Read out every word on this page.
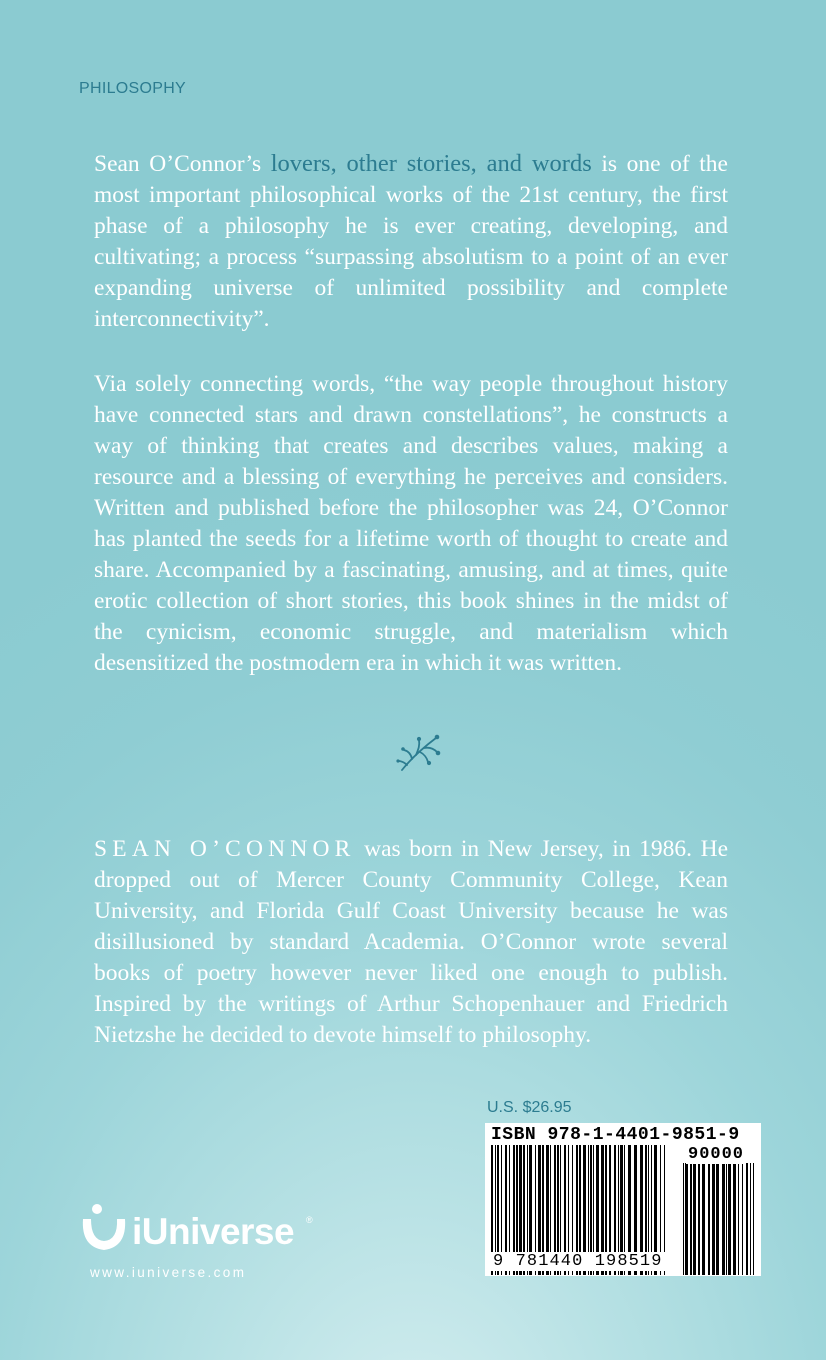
PHILOSOPHY

Sean O’Connor’s lovers, other stories, and words is one of the most important philosophical works of the 21st century, the first phase of a philosophy he is ever creating, developing, and cultivating; a process “surpassing absolutism to a point of an ever expanding universe of unlimited possibility and complete interconnectivity”.

Via solely connecting words, “the way people throughout history have connected stars and drawn constellations”, he constructs a way of thinking that creates and describes values, making a resource and a blessing of everything he perceives and considers. Written and published before the philosopher was 24, O’Connor has planted the seeds for a lifetime worth of thought to create and share. Accompanied by a fascinating, amusing, and at times, quite erotic collection of short stories, this book shines in the midst of the cynicism, economic struggle, and materialism which desensitized the postmodern era in which it was written.

SEAN O’CONNOR was born in New Jersey, in 1986. He dropped out of Mercer County Community College, Kean University, and Florida Gulf Coast University because he was disillusioned by standard Academia. O’Connor wrote several books of poetry however never liked one enough to publish. Inspired by the writings of Arthur Schopenhauer and Friedrich Nietzshe he decided to devote himself to philosophy.

U.S. $26.95
ISBN 978-1-4401-9851-9
90000
9 781440 198519
iUniverse ®
www.iuniverse.com
